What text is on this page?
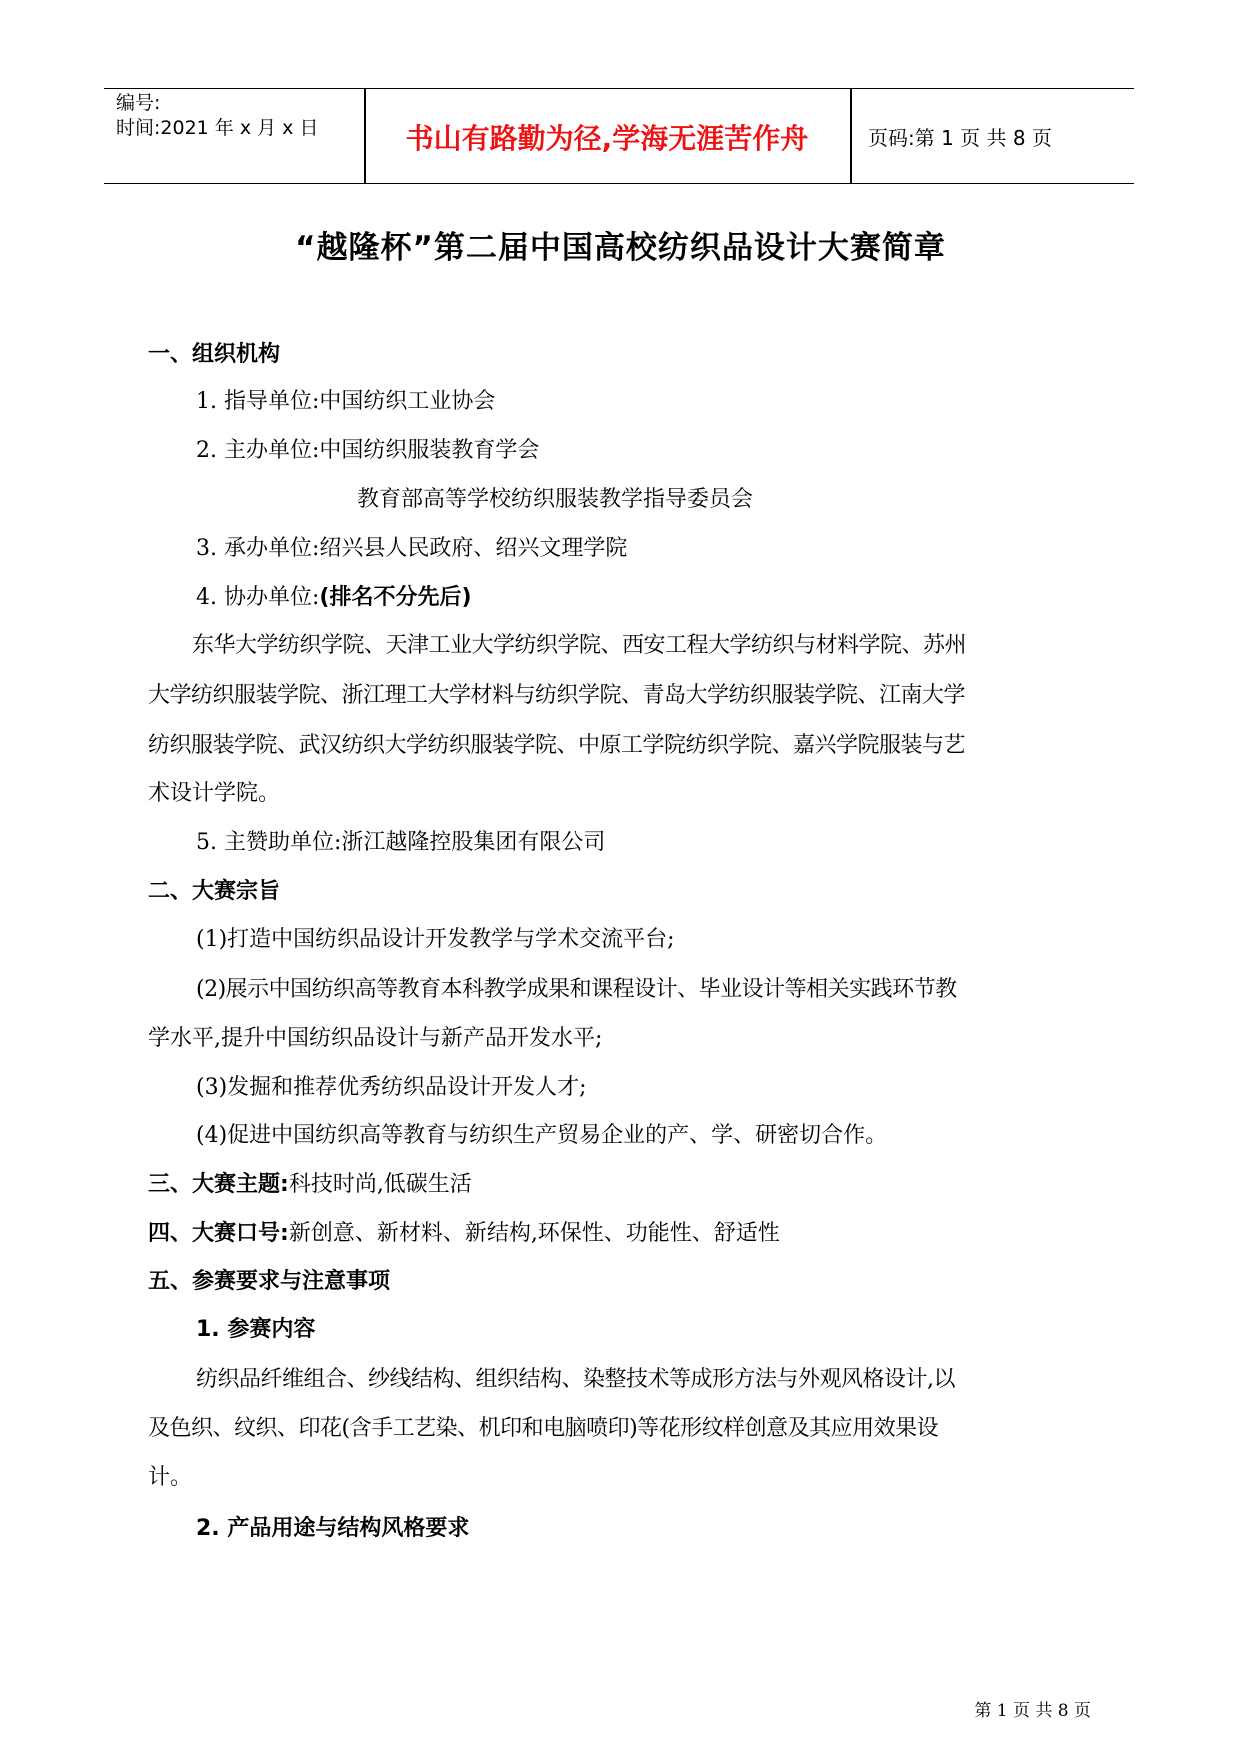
编号:
时间:2021 年 x 月 x 日	书山有路勤为径,学海无涯苦作舟	页码:第 1 页 共 8 页
“越隆杯”第二届中国高校纺织品设计大赛简章
一、组织机构
1. 指导单位:中国纺织工业协会
2. 主办单位:中国纺织服装教育学会
教育部高等学校纺织服装教学指导委员会
3. 承办单位:绍兴县人民政府、绍兴文理学院
4. 协办单位:(排名不分先后)
东华大学纺织学院、天津工业大学纺织学院、西安工程大学纺织与材料学院、苏州
大学纺织服装学院、浙江理工大学材料与纺织学院、青岛大学纺织服装学院、江南大学
纺织服装学院、武汉纺织大学纺织服装学院、中原工学院纺织学院、嘉兴学院服装与艺
术设计学院。
5. 主赞助单位:浙江越隆控股集团有限公司
二、大赛宗旨
(1)打造中国纺织品设计开发教学与学术交流平台;
(2)展示中国纺织高等教育本科教学成果和课程设计、毕业设计等相关实践环节教
学水平,提升中国纺织品设计与新产品开发水平;
(3)发掘和推荐优秀纺织品设计开发人才;
(4)促进中国纺织高等教育与纺织生产贸易企业的产、学、研密切合作。
三、大赛主题:科技时尚,低碳生活
四、大赛口号:新创意、新材料、新结构,环保性、功能性、舒适性
五、参赛要求与注意事项
1. 参赛内容
纺织品纤维组合、纱线结构、组织结构、染整技术等成形方法与外观风格设计,以
及色织、纹织、印花(含手工艺染、机印和电脑喷印)等花形纹样创意及其应用效果设
计。
2. 产品用途与结构风格要求
第 1 页 共 8 页
